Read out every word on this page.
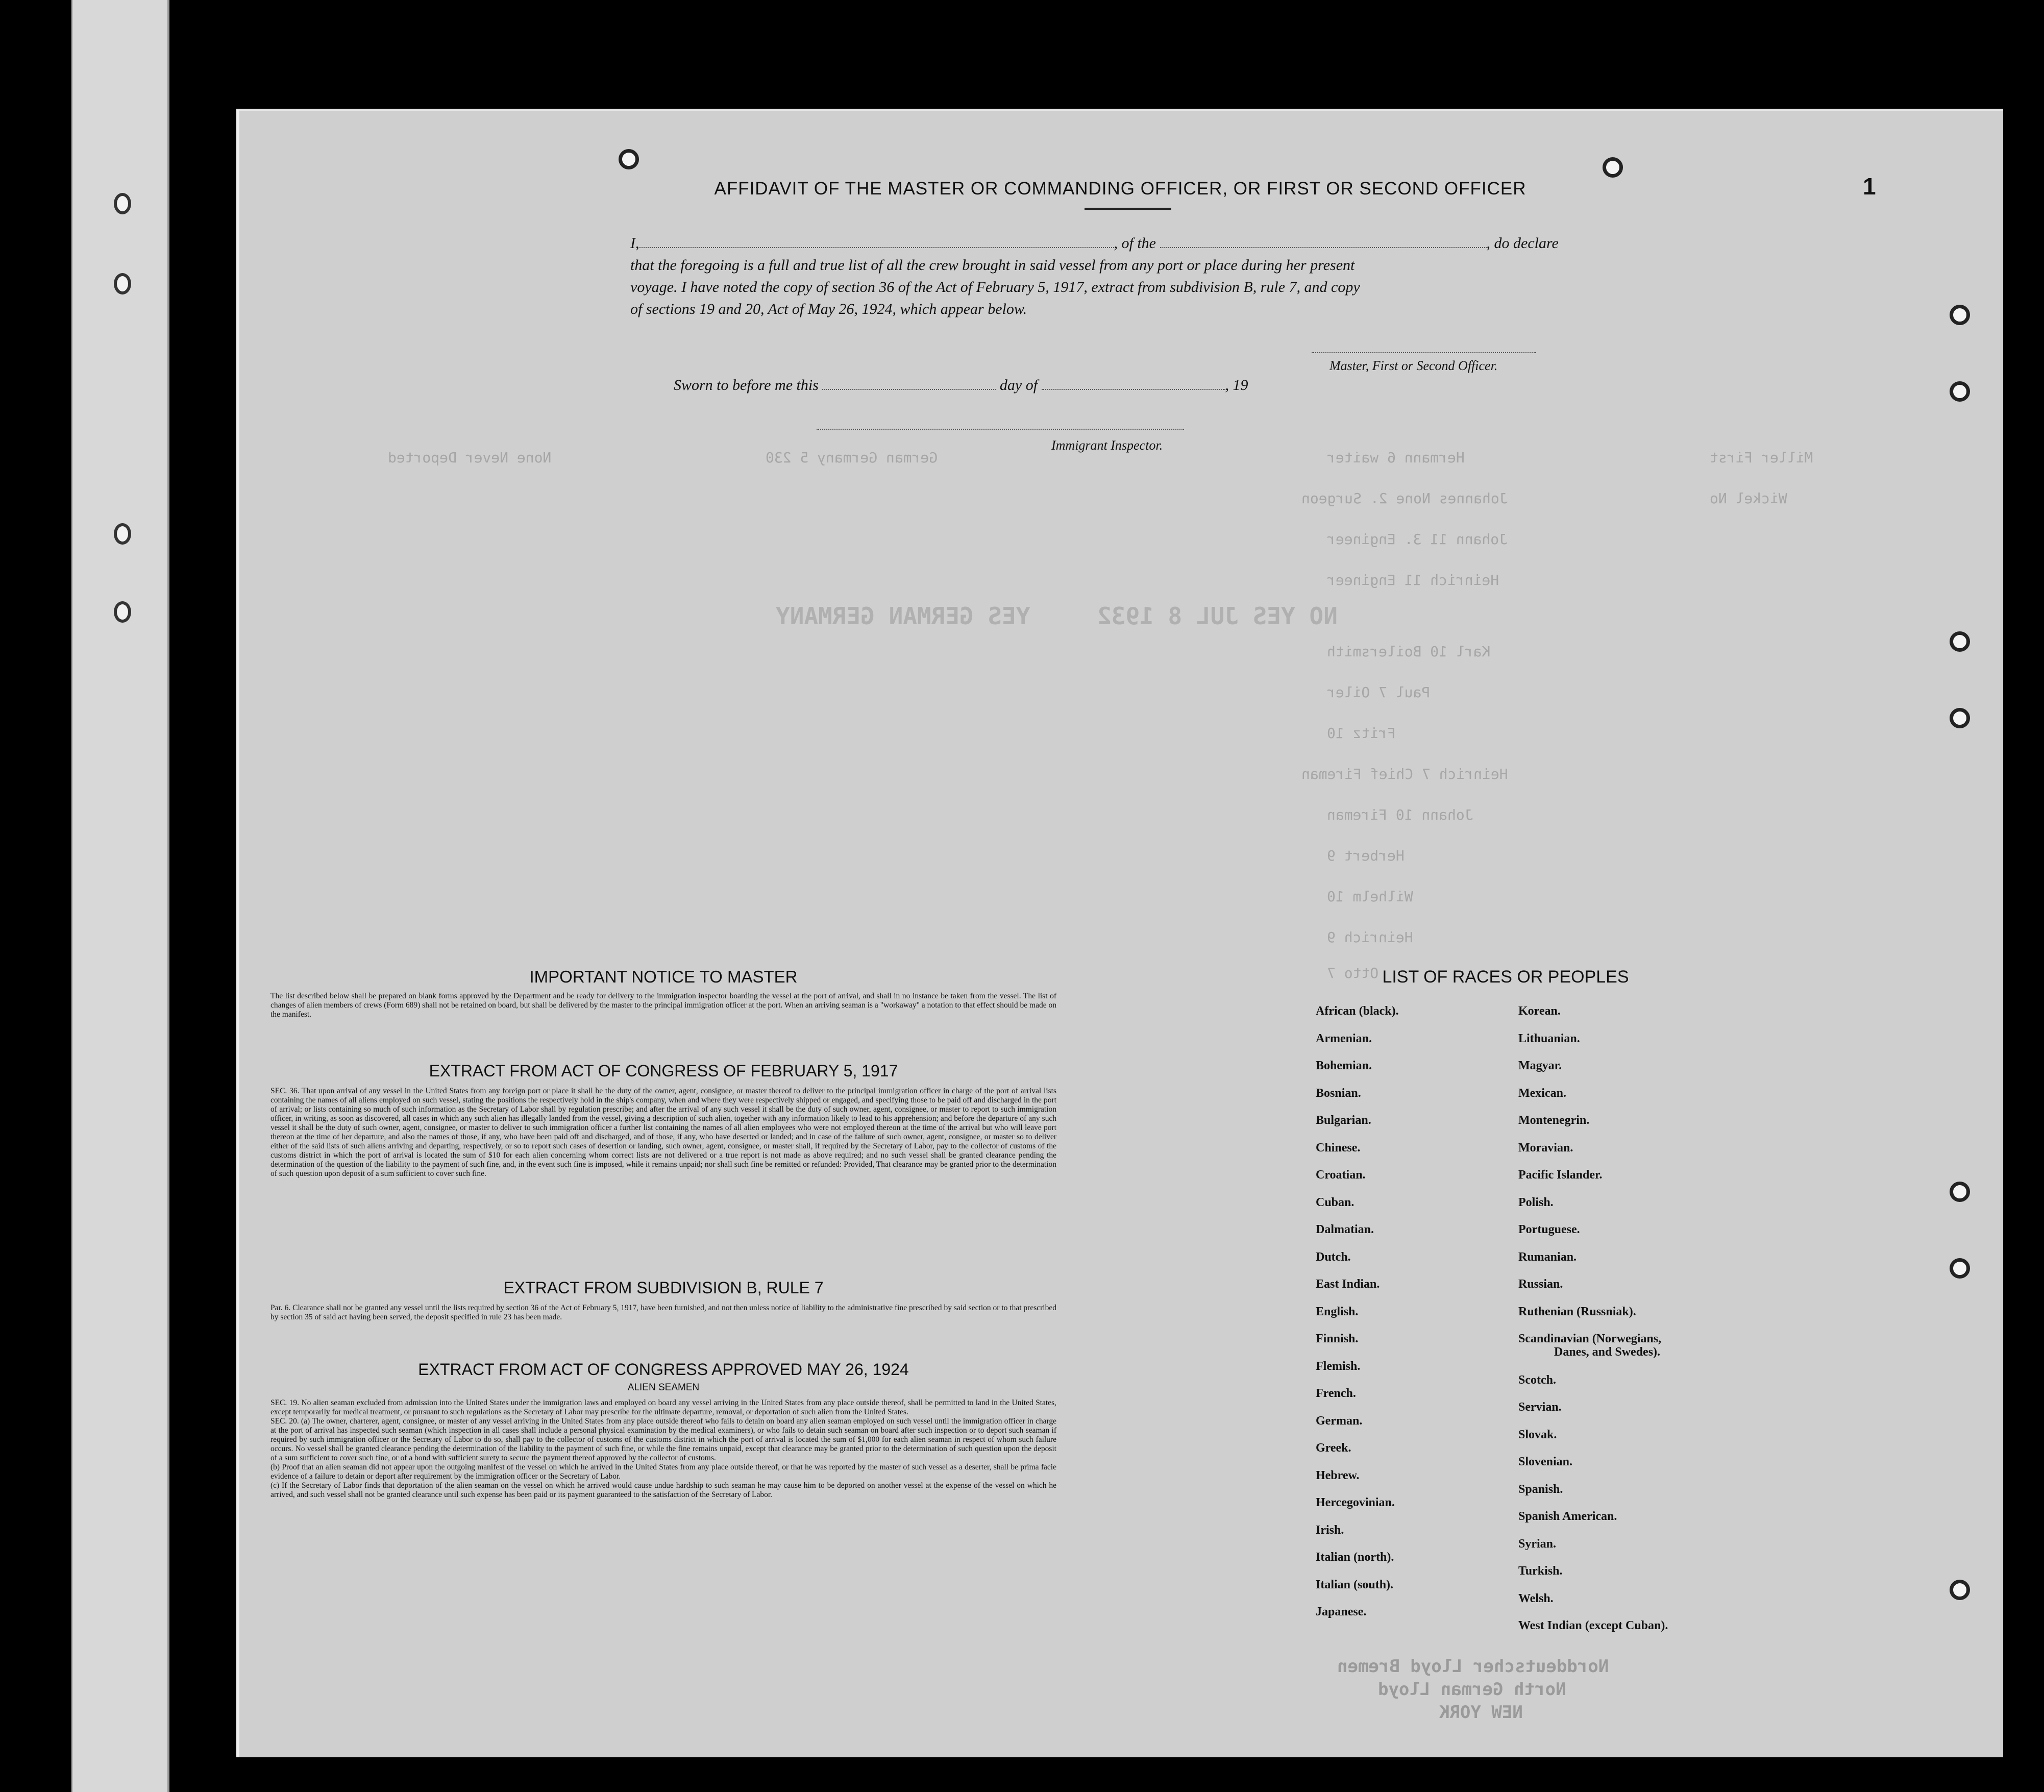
None Never Deported	German Germany 5 230	Hermann 6 waiter	Miller First
Johannes None 2. Surgeon	Wickel No
Johann 11 3. Engineer
Heinrich 11 Engineer
YES GERMAN GERMANY	NO YES JUL 8 1932
Karl 10 Boilersmith
Paul 7 Oiler
Fritz 10
Heinrich 7 Chief Fireman
Johann 10 Fireman
Herbert 9
Wilhelm 10
Heinrich 9
Otto 7
1
AFFIDAVIT OF THE MASTER OR COMMANDING OFFICER, OR FIRST OR SECOND OFFICER
I,	, of the	, do declare
that the foregoing is a full and true list of all the crew brought in said vessel from any port or place during her present
voyage. I have noted the copy of section 36 of the Act of February 5, 1917, extract from subdivision B, rule 7, and copy
of sections 19 and 20, Act of May 26, 1924, which appear below.
Master, First or Second Officer.
Sworn to before me this	day of	, 19
Immigrant Inspector.
IMPORTANT NOTICE TO MASTER

The list described below shall be prepared on blank forms approved by the Department and be ready for delivery to the immigration inspector boarding the vessel at the port of arrival, and shall in no instance be taken from the vessel. The list of changes of alien members of crews (Form 689) shall not be retained on board, but shall be delivered by the master to the principal immigration officer at the port. When an arriving seaman is a "workaway" a notation to that effect should be made on the manifest.

EXTRACT FROM ACT OF CONGRESS OF FEBRUARY 5, 1917

SEC. 36. That upon arrival of any vessel in the United States from any foreign port or place it shall be the duty of the owner, agent, consignee, or master thereof to deliver to the principal immigration officer in charge of the port of arrival lists containing the names of all aliens employed on such vessel, stating the positions the respectively hold in the ship's company, when and where they were respectively shipped or engaged, and specifying those to be paid off and discharged in the port of arrival; or lists containing so much of such information as the Secretary of Labor shall by regulation prescribe; and after the arrival of any such vessel it shall be the duty of such owner, agent, consignee, or master to report to such immigration officer, in writing, as soon as discovered, all cases in which any such alien has illegally landed from the vessel, giving a description of such alien, together with any information likely to lead to his apprehension; and before the departure of any such vessel it shall be the duty of such owner, agent, consignee, or master to deliver to such immigration officer a further list containing the names of all alien employees who were not employed thereon at the time of the arrival but who will leave port thereon at the time of her departure, and also the names of those, if any, who have been paid off and discharged, and of those, if any, who have deserted or landed; and in case of the failure of such owner, agent, consignee, or master so to deliver either of the said lists of such aliens arriving and departing, respectively, or so to report such cases of desertion or landing, such owner, agent, consignee, or master shall, if required by the Secretary of Labor, pay to the collector of customs of the customs district in which the port of arrival is located the sum of $10 for each alien concerning whom correct lists are not delivered or a true report is not made as above required; and no such vessel shall be granted clearance pending the determination of the question of the liability to the payment of such fine, and, in the event such fine is imposed, while it remains unpaid; nor shall such fine be remitted or refunded: Provided, That clearance may be granted prior to the determination of such question upon deposit of a sum sufficient to cover such fine.

EXTRACT FROM SUBDIVISION B, RULE 7

Par. 6. Clearance shall not be granted any vessel until the lists required by section 36 of the Act of February 5, 1917, have been furnished, and not then unless notice of liability to the administrative fine prescribed by said section or to that prescribed by section 35 of said act having been served, the deposit specified in rule 23 has been made.

EXTRACT FROM ACT OF CONGRESS APPROVED MAY 26, 1924
ALIEN SEAMEN

SEC. 19. No alien seaman excluded from admission into the United States under the immigration laws and employed on board any vessel arriving in the United States from any place outside thereof, shall be permitted to land in the United States, except temporarily for medical treatment, or pursuant to such regulations as the Secretary of Labor may prescribe for the ultimate departure, removal, or deportation of such alien from the United States.

SEC. 20. (a) The owner, charterer, agent, consignee, or master of any vessel arriving in the United States from any place outside thereof who fails to detain on board any alien seaman employed on such vessel until the immigration officer in charge at the port of arrival has inspected such seaman (which inspection in all cases shall include a personal physical examination by the medical examiners), or who fails to detain such seaman on board after such inspection or to deport such seaman if required by such immigration officer or the Secretary of Labor to do so, shall pay to the collector of customs of the customs district in which the port of arrival is located the sum of $1,000 for each alien seaman in respect of whom such failure occurs. No vessel shall be granted clearance pending the determination of the liability to the payment of such fine, or while the fine remains unpaid, except that clearance may be granted prior to the determination of such question upon the deposit of a sum sufficient to cover such fine, or of a bond with sufficient surety to secure the payment thereof approved by the collector of customs.

(b) Proof that an alien seaman did not appear upon the outgoing manifest of the vessel on which he arrived in the United States from any place outside thereof, or that he was reported by the master of such vessel as a deserter, shall be prima facie evidence of a failure to detain or deport after requirement by the immigration officer or the Secretary of Labor.

(c) If the Secretary of Labor finds that deportation of the alien seaman on the vessel on which he arrived would cause undue hardship to such seaman he may cause him to be deported on another vessel at the expense of the vessel on which he arrived, and such vessel shall not be granted clearance until such expense has been paid or its payment guaranteed to the satisfaction of the Secretary of Labor.

LIST OF RACES OR PEOPLES
African (black).
Armenian.
Bohemian.
Bosnian.
Bulgarian.
Chinese.
Croatian.
Cuban.
Dalmatian.
Dutch.
East Indian.
English.
Finnish.
Flemish.
French.
German.
Greek.
Hebrew.
Hercegovinian.
Irish.
Italian (north).
Italian (south).
Japanese.
Korean.
Lithuanian.
Magyar.
Mexican.
Montenegrin.
Moravian.
Pacific Islander.
Polish.
Portuguese.
Rumanian.
Russian.
Ruthenian (Russniak).
Scandinavian (Norwegians,
Danes, and Swedes).
Scotch.
Servian.
Slovak.
Slovenian.
Spanish.
Spanish American.
Syrian.
Turkish.
Welsh.
West Indian (except Cuban).
Norddeutscher Lloyd Bremen
North German Lloyd
NEW YORK
